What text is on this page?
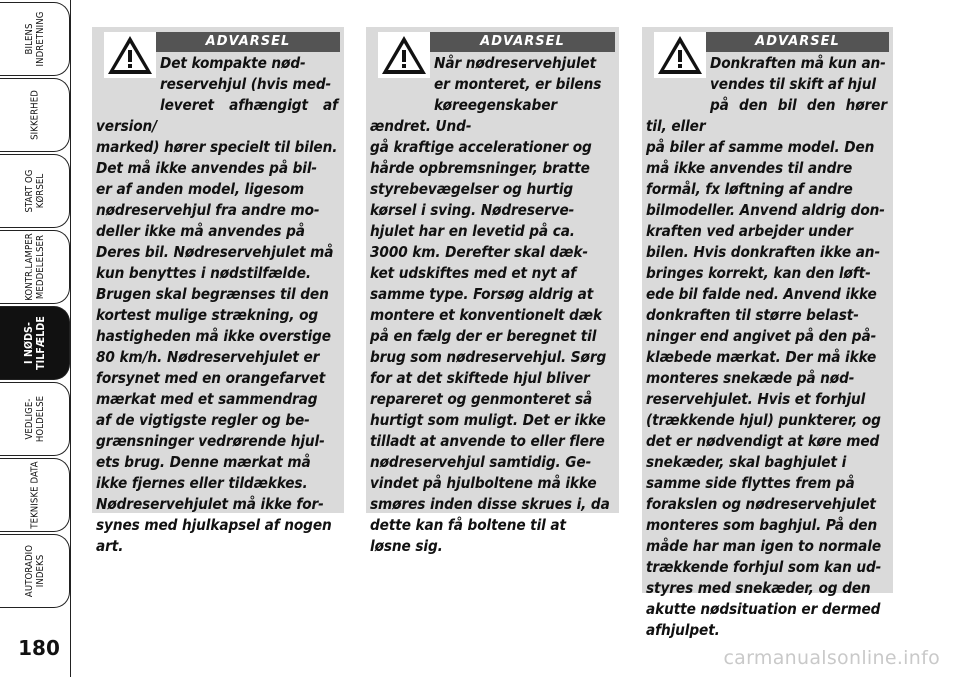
BILENS
INDRETNING
SIKKERHED
START OG
KØRSEL
KONTR.LAMPER
MEDDELELSER
I NØDS-
TILFÆLDE
VEDLIGE-
HOLDELSE
TEKNISKE DATA
AUTORADIO
INDEKS
180
ADVARSEL
Det kompakte nød-
reservehjul (hvis med-
leveret afhængigt af version/
marked) hører specielt til bilen.
Det må ikke anvendes på bil-
er af anden model, ligesom
nødreservehjul fra andre mo-
deller ikke må anvendes på
Deres bil. Nødreservehjulet må
kun benyttes i nødstilfælde.
Brugen skal begrænses til den
kortest mulige strækning, og
hastigheden må ikke overstige
80 km/h. Nødreservehjulet er
forsynet med en orangefarvet
mærkat med et sammendrag
af de vigtigste regler og be-
grænsninger vedrørende hjul-
ets brug. Denne mærkat må
ikke fjernes eller tildækkes.
Nødreservehjulet må ikke for-
synes med hjulkapsel af nogen
art.
ADVARSEL
Når nødreservehjulet
er monteret, er bilens
køreegenskaber ændret. Und-
gå kraftige accelerationer og
hårde opbremsninger, bratte
styrebevægelser og hurtig
kørsel i sving. Nødreserve-
hjulet har en levetid på ca.
3000 km. Derefter skal dæk-
ket udskiftes med et nyt af
samme type. Forsøg aldrig at
montere et konventionelt dæk
på en fælg der er beregnet til
brug som nødreservehjul. Sørg
for at det skiftede hjul bliver
repareret og genmonteret så
hurtigt som muligt. Det er ikke
tilladt at anvende to eller flere
nødreservehjul samtidig. Ge-
vindet på hjulboltene må ikke
smøres inden disse skrues i, da
dette kan få boltene til at
løsne sig.
ADVARSEL
Donkraften må kun an-
vendes til skift af hjul
på den bil den hører til, eller
på biler af samme model. Den
må ikke anvendes til andre
formål, fx løftning af andre
bilmodeller. Anvend aldrig don-
kraften ved arbejder under
bilen. Hvis donkraften ikke an-
bringes korrekt, kan den løft-
ede bil falde ned. Anvend ikke
donkraften til større belast-
ninger end angivet på den på-
klæbede mærkat. Der må ikke
monteres snekæde på nød-
reservehjulet. Hvis et forhjul
(trækkende hjul) punkterer, og
det er nødvendigt at køre med
snekæder, skal baghjulet i
samme side flyttes frem på
forakslen og nødreservehjulet
monteres som baghjul. På den
måde har man igen to normale
trækkende forhjul som kan ud-
styres med snekæder, og den
akutte nødsituation er dermed
afhjulpet.
carmanualsonline.info
